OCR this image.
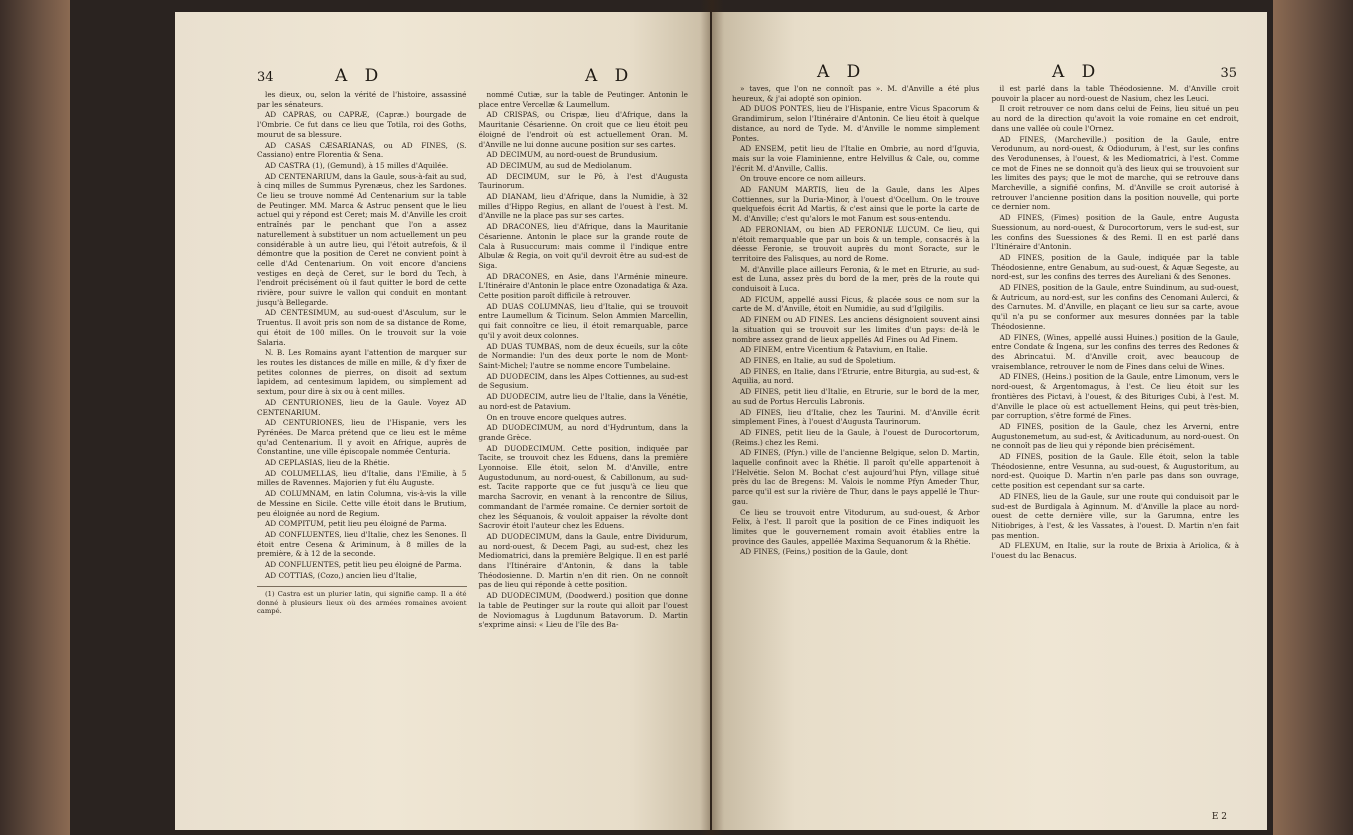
34	A D	A D

les dieux, ou, selon la vérité de l'histoire, assassiné par les sénateurs.

AD CAPRAS, ou CAPRÆ, (Capræ.) bourgade de l'Ombrie. Ce fut dans ce lieu que Totila, roi des Goths, mourut de sa blessure.

AD CASAS CÆSARIANAS, ou AD FINES, (S. Cassiano) entre Florentia & Sena.

AD CASTRA (1), (Gemund), à 15 milles d'Aquilée.

AD CENTENARIUM, dans la Gaule, sous-à-fait au sud, à cinq milles de Summus Pyrenæus, chez les Sardones. Ce lieu se trouve nommé Ad Centenarium sur la table de Peutinger. MM. Marca & Astruc pensent que le lieu actuel qui y répond est Ceret; mais M. d'Anville les croit entraînés par le penchant que l'on a assez naturellement à substituer un nom actuellement un peu considérable à un autre lieu, qui l'étoit autrefois, & il démontre que la position de Ceret ne convient point à celle d'Ad Centenarium. On voit encore d'anciens vestiges en deçà de Ceret, sur le bord du Tech, à l'endroit précisément où il faut quitter le bord de cette rivière, pour suivre le vallon qui conduit en montant jusqu'à Bellegarde.

AD CENTESIMUM, au sud-ouest d'Asculum, sur le Truentus. Il avoit pris son nom de sa distance de Rome, qui étoit de 100 milles. On le trouvoit sur la voie Salaria.

N. B. Les Romains ayant l'attention de marquer sur les routes les distances de mille en mille, & d'y fixer de petites colonnes de pierres, on disoit ad sextum lapidem, ad centesimum lapidem, ou simplement ad sextum, pour dire à six ou à cent milles.

AD CENTURIONES, lieu de la Gaule. Voyez AD CENTENARIUM.

AD CENTURIONES, lieu de l'Hispanie, vers les Pyrénées. De Marca prétend que ce lieu est le même qu'ad Centenarium. Il y avoit en Afrique, auprès de Constantine, une ville épiscopale nommée Centuria.

AD CEPLASIAS, lieu de la Rhétie.

AD COLUMELLAS, lieu d'Italie, dans l'Emilie, à 5 milles de Ravennes. Majorien y fut élu Auguste.

AD COLUMNAM, en latin Columna, vis-à-vis la ville de Messine en Sicile. Cette ville étoit dans le Brutium, peu éloignée au nord de Regium.

AD COMPITUM, petit lieu peu éloigné de Parma.

AD CONFLUENTES, lieu d'Italie, chez les Senones. Il étoit entre Cesena & Ariminum, à 8 milles de la première, & à 12 de la seconde.

AD CONFLUENTES, petit lieu peu éloigné de Parma.

AD COTTIAS, (Cozo,) ancien lieu d'Italie,

(1) Castra est un plurier latin, qui signifie camp. Il a été donné à plusieurs lieux où des armées romaines avoient campé.

nommé Cutiæ, sur la table de Peutinger. Antonin le place entre Vercellæ & Laumellum.

AD CRISPAS, ou Crispæ, lieu d'Afrique, dans la Mauritanie Césarienne. On croit que ce lieu étoit peu éloigné de l'endroit où est actuellement Oran. M. d'Anville ne lui donne aucune position sur ses cartes.

AD DECIMUM, au nord-ouest de Brundusium.

AD DECIMUM, au sud de Mediolanum.

AD DECIMUM, sur le Pô, à l'est d'Augusta Taurinorum.

AD DIANAM, lieu d'Afrique, dans la Numidie, à 32 milles d'Hippo Regius, en allant de l'ouest à l'est. M. d'Anville ne la place pas sur ses cartes.

AD DRACONES, lieu d'Afrique, dans la Mauritanie Césarienne. Antonin le place sur la grande route de Cala à Rusuccurum: mais comme il l'indique entre Albulæ & Regia, on voit qu'il devroit être au sud-est de Siga.

AD DRACONES, en Asie, dans l'Arménie mineure. L'Itinéraire d'Antonin le place entre Ozonadatiga & Aza. Cette position paroît difficile à retrouver.

AD DUAS COLUMNAS, lieu d'Italie, qui se trouvoit entre Laumellum & Ticinum. Selon Ammien Marcellin, qui fait connoître ce lieu, il étoit remarquable, parce qu'il y avoit deux colonnes.

AD DUAS TUMBAS, nom de deux écueils, sur la côte de Normandie: l'un des deux porte le nom de Mont-Saint-Michel; l'autre se nomme encore Tumbelaine.

AD DUODECIM, dans les Alpes Cottiennes, au sud-est de Segusium.

AD DUODECIM, autre lieu de l'Italie, dans la Vénétie, au nord-est de Patavium.

On en trouve encore quelques autres.

AD DUODECIMUM, au nord d'Hydruntum, dans la grande Grèce.

AD DUODECIMUM. Cette position, indiquée par Tacite, se trouvoit chez les Eduens, dans la première Lyonnoise. Elle étoit, selon M. d'Anville, entre Augustodunum, au nord-ouest, & Cabillonum, au sud-est. Tacite rapporte que ce fut jusqu'à ce lieu que marcha Sacrovir, en venant à la rencontre de Silius, commandant de l'armée romaine. Ce dernier sortoit de chez les Séquanois, & vouloit appaiser la révolte dont Sacrovir étoit l'auteur chez les Eduens.

AD DUODECIMUM, dans la Gaule, entre Dividurum, au nord-ouest, & Decem Pagi, au sud-est, chez les Mediomatrici, dans la première Belgique. Il en est parlé dans l'Itinéraire d'Antonin, & dans la table Théodosienne. D. Martin n'en dit rien. On ne connoît pas de lieu qui réponde à cette position.

AD DUODECIMUM, (Doodwerd.) position que donne la table de Peutinger sur la route qui alloit par l'ouest de Noviomagus à Lugdunum Batavorum. D. Martin s'exprime ainsi: « Lieu de l'île des Ba-

A D	A D	35

» taves, que l'on ne connoît pas ». M. d'Anville a été plus heureux, & j'ai adopté son opinion.

AD DUOS PONTES, lieu de l'Hispanie, entre Vicus Spacorum & Grandimirum, selon l'Itinéraire d'Antonin. Ce lieu étoit à quelque distance, au nord de Tyde. M. d'Anville le nomme simplement Pontes.

AD ENSEM, petit lieu de l'Italie en Ombrie, au nord d'Iguvia, mais sur la voie Flaminienne, entre Helvillus & Cale, ou, comme l'écrit M. d'Anville, Callis.

On trouve encore ce nom ailleurs.

AD FANUM MARTIS, lieu de la Gaule, dans les Alpes Cottiennes, sur la Duria-Minor, à l'ouest d'Ocellum. On le trouve quelquefois écrit Ad Martis, & c'est ainsi que le porte la carte de M. d'Anville; c'est qu'alors le mot Fanum est sous-entendu.

AD FERONIAM, ou bien AD FERONIÆ LUCUM. Ce lieu, qui n'étoit remarquable que par un bois & un temple, consacrés à la déesse Feronie, se trouvoit auprès du mont Soracte, sur le territoire des Falisques, au nord de Rome.

M. d'Anville place ailleurs Feronia, & le met en Etrurie, au sud-est de Luna, assez près du bord de la mer, près de la route qui conduisoit à Luca.

AD FICUM, appellé aussi Ficus, & placée sous ce nom sur la carte de M. d'Anville, étoit en Numidie, au sud d'Igilgilis.

AD FINEM ou AD FINES. Les anciens désignoient souvent ainsi la situation qui se trouvoit sur les limites d'un pays: de-là le nombre assez grand de lieux appellés Ad Fines ou Ad Finem.

AD FINEM, entre Vicentium & Patavium, en Italie.

AD FINES, en Italie, au sud de Spoletium.

AD FINES, en Italie, dans l'Etrurie, entre Biturgia, au sud-est, & Aquilia, au nord.

AD FINES, petit lieu d'Italie, en Etrurie, sur le bord de la mer, au sud de Portus Herculis Labronis.

AD FINES, lieu d'Italie, chez les Taurini. M. d'Anville écrit simplement Fines, à l'ouest d'Augusta Taurinorum.

AD FINES, petit lieu de la Gaule, à l'ouest de Durocortorum, (Reims.) chez les Remi.

AD FINES, (Pfyn.) ville de l'ancienne Belgique, selon D. Martin, laquelle confinoit avec la Rhétie. Il paroît qu'elle appartenoit à l'Helvétie. Selon M. Bochat c'est aujourd'hui Pfyn, village situé près du lac de Bregens: M. Valois le nomme Pfyn Ameder Thur, parce qu'il est sur la rivière de Thur, dans le pays appellé le Thur-gau.

Ce lieu se trouvoit entre Vitodurum, au sud-ouest, & Arbor Felix, à l'est. Il paroît que la position de ce Fines indiquoit les limites que le gouvernement romain avoit établies entre la province des Gaules, appellée Maxima Sequanorum & la Rhétie.

AD FINES, (Feins,) position de la Gaule, dont

il est parlé dans la table Théodosienne. M. d'Anville croit pouvoir la placer au nord-ouest de Nasium, chez les Leuci.

Il croit retrouver ce nom dans celui de Feins, lieu situé un peu au nord de la direction qu'avoit la voie romaine en cet endroit, dans une vallée où coule l'Ornez.

AD FINES, (Marcheville.) position de la Gaule, entre Verodunum, au nord-ouest, & Odiodurum, à l'est, sur les confins des Verodunenses, à l'ouest, & les Mediomatrici, à l'est. Comme ce mot de Fines ne se donnoit qu'à des lieux qui se trouvoient sur les limites des pays; que le mot de marche, qui se retrouve dans Marcheville, a signifié confins, M. d'Anville se croit autorisé à retrouver l'ancienne position dans la position nouvelle, qui porte ce dernier nom.

AD FINES, (Fimes) position de la Gaule, entre Augusta Suessionum, au nord-ouest, & Durocortorum, vers le sud-est, sur les confins des Suessiones & des Remi. Il en est parlé dans l'Itinéraire d'Antonin.

AD FINES, position de la Gaule, indiquée par la table Théodosienne, entre Genabum, au sud-ouest, & Aquæ Segeste, au nord-est, sur les confins des terres des Aureliani & des Senones.

AD FINES, position de la Gaule, entre Suindinum, au sud-ouest, & Autricum, au nord-est, sur les confins des Cenomani Aulerci, & des Carnutes. M. d'Anville, en plaçant ce lieu sur sa carte, avoue qu'il n'a pu se conformer aux mesures données par la table Théodosienne.

AD FINES, (Wines, appellé aussi Huines.) position de la Gaule, entre Condate & Ingena, sur les confins des terres des Redones & des Abrincatui. M. d'Anville croit, avec beaucoup de vraisemblance, retrouver le nom de Fines dans celui de Wines.

AD FINES, (Heins.) position de la Gaule, entre Limonum, vers le nord-ouest, & Argentomagus, à l'est. Ce lieu étoit sur les frontières des Pictavi, à l'ouest, & des Bituriges Cubi, à l'est. M. d'Anville le place où est actuellement Heins, qui peut très-bien, par corruption, s'être formé de Fines.

AD FINES, position de la Gaule, chez les Arverni, entre Augustonemetum, au sud-est, & Aviticadunum, au nord-ouest. On ne connoît pas de lieu qui y réponde bien précisément.

AD FINES, position de la Gaule. Elle étoit, selon la table Théodosienne, entre Vesunna, au sud-ouest, & Augustoritum, au nord-est. Quoique D. Martin n'en parle pas dans son ouvrage, cette position est cependant sur sa carte.

AD FINES, lieu de la Gaule, sur une route qui conduisoit par le sud-est de Burdigala à Aginnum. M. d'Anville la place au nord-ouest de cette dernière ville, sur la Garumna, entre les Nitiobriges, à l'est, & les Vassates, à l'ouest. D. Martin n'en fait pas mention.

AD FLEXUM, en Italie, sur la route de Brixia à Ariolica, & à l'ouest du lac Benacus.

E 2
